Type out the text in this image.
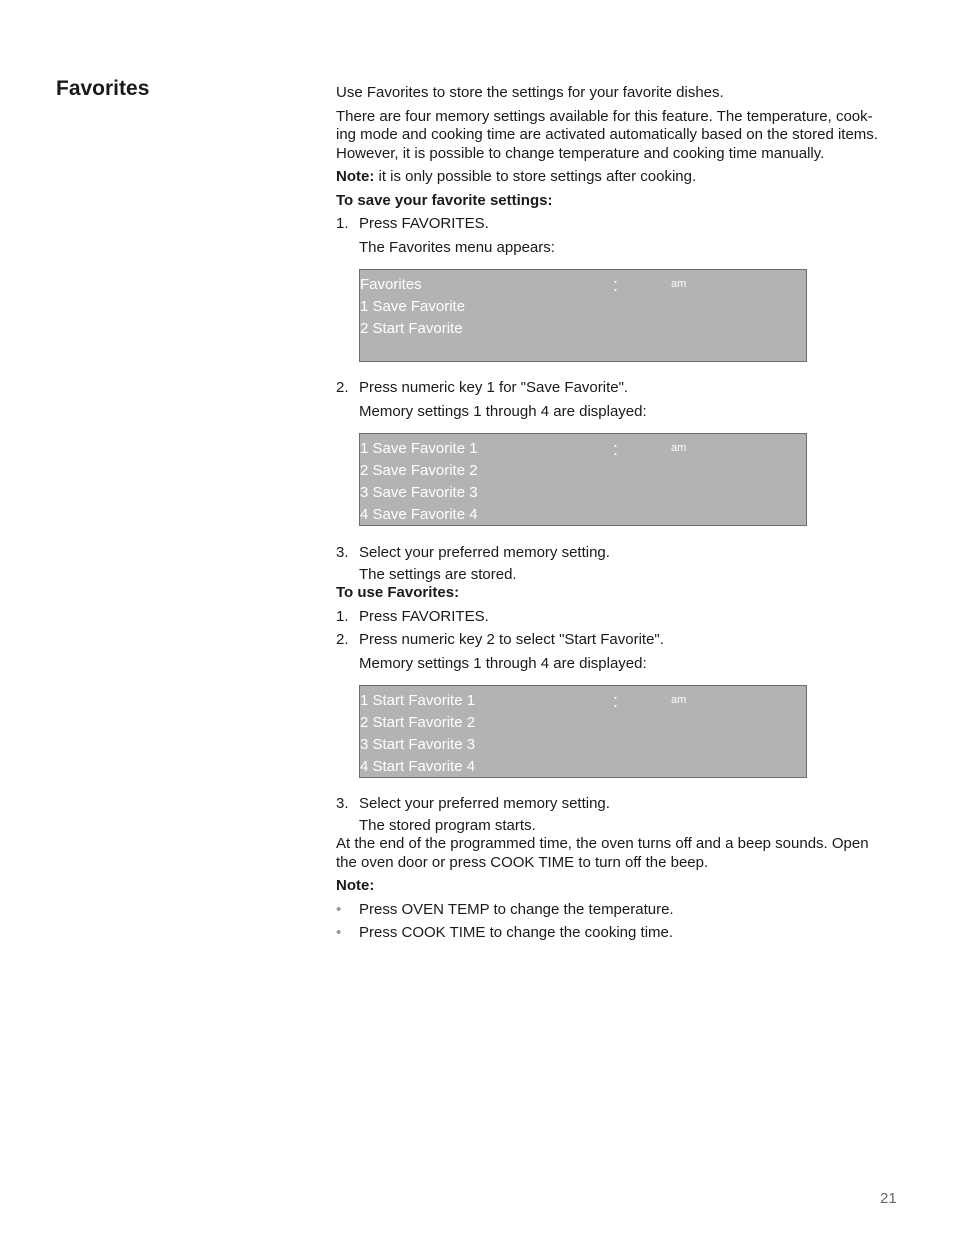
Favorites	Use Favorites to store the settings for your favorite dishes.

There are four memory settings available for this feature. The temperature, cook-
ing mode and cooking time are activated automatically based on the stored items.
However, it is possible to change temperature and cooking time manually.

Note: it is only possible to store settings after cooking.

To save your favorite settings:

1. Press FAVORITES.

The Favorites menu appears:

Favorites
1 Save Favorite
2 Start Favorite
:	am
2. Press numeric key 1 for "Save Favorite".

Memory settings 1 through 4 are displayed:

1 Save Favorite 1
2 Save Favorite 2
3 Save Favorite 3
4 Save Favorite 4
:	am
3. Select your preferred memory setting.

The settings are stored.

To use Favorites:

1. Press FAVORITES.
2. Press numeric key 2 to select "Start Favorite".

Memory settings 1 through 4 are displayed:

1 Start Favorite 1
2 Start Favorite 2
3 Start Favorite 3
4 Start Favorite 4
:	am
3. Select your preferred memory setting.

The stored program starts.

At the end of the programmed time, the oven turns off and a beep sounds. Open
the oven door or press COOK TIME to turn off the beep.

Note:

•	Press OVEN TEMP to change the temperature.
•	Press COOK TIME to change the cooking time.
21
